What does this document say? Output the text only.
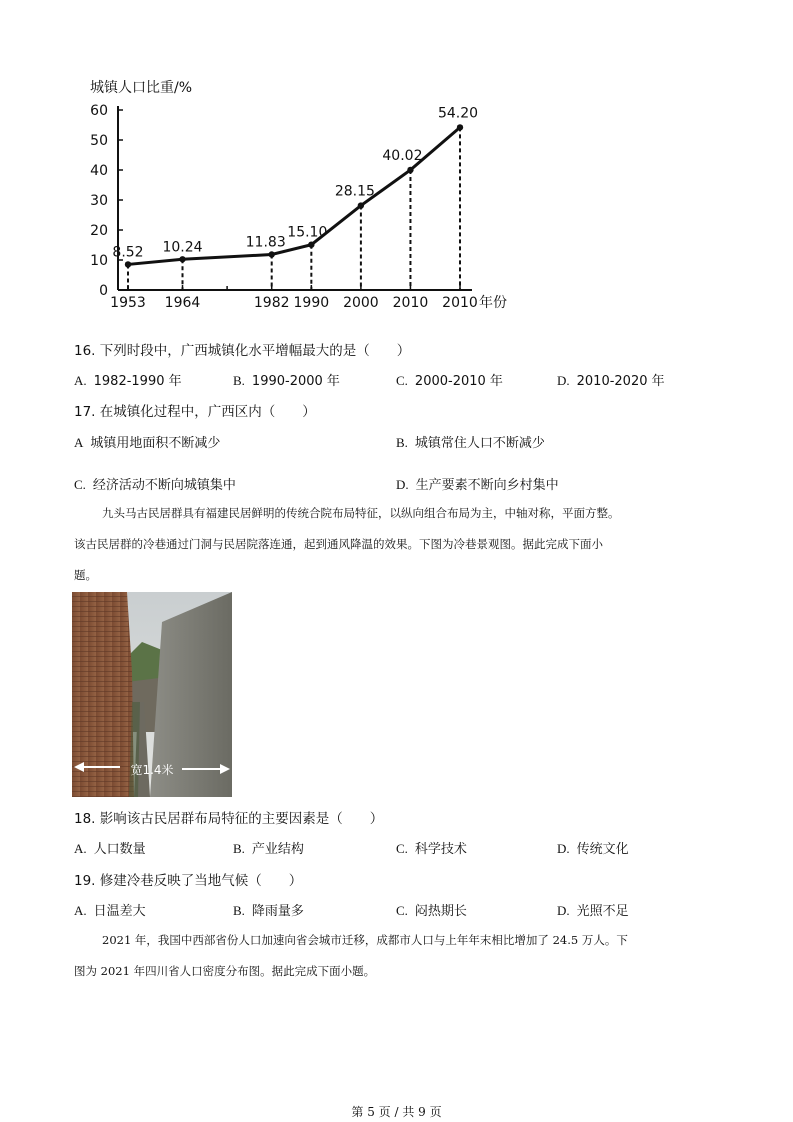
城镇人口比重/%
0
10
20
30
40
50
60
8.52 10.24	11.83
15.10
28.15
40.02
54.20
1953 1964	1982 1990 2000 2010 2010 年份
16. 下列时段中，广西城镇化水平增幅最大的是（　　）
A. 1982-1990 年	B. 1990-2000 年	C. 2000-2010 年	D. 2010-2020 年
17. 在城镇化过程中，广西区内（　　）
A 城镇用地面积不断减少	B. 城镇常住人口不断减少
C. 经济活动不断向城镇集中	D. 生产要素不断向乡村集中
九头马古民居群具有福建民居鲜明的传统合院布局特征，以纵向组合布局为主，中轴对称，平面方整。
该古民居群的冷巷通过门洞与民居院落连通，起到通风降温的效果。下图为冷巷景观图。据此完成下面小
题。
宽1.4米
18. 影响该古民居群布局特征的主要因素是（　　）
A. 人口数量	B. 产业结构	C. 科学技术	D. 传统文化
19. 修建冷巷反映了当地气候（　　）
A. 日温差大	B. 降雨量多	C. 闷热期长	D. 光照不足
2021 年，我国中西部省份人口加速向省会城市迁移，成都市人口与上年年末相比增加了 24.5 万人。下
图为 2021 年四川省人口密度分布图。据此完成下面小题。
第 5 页 / 共 9 页
